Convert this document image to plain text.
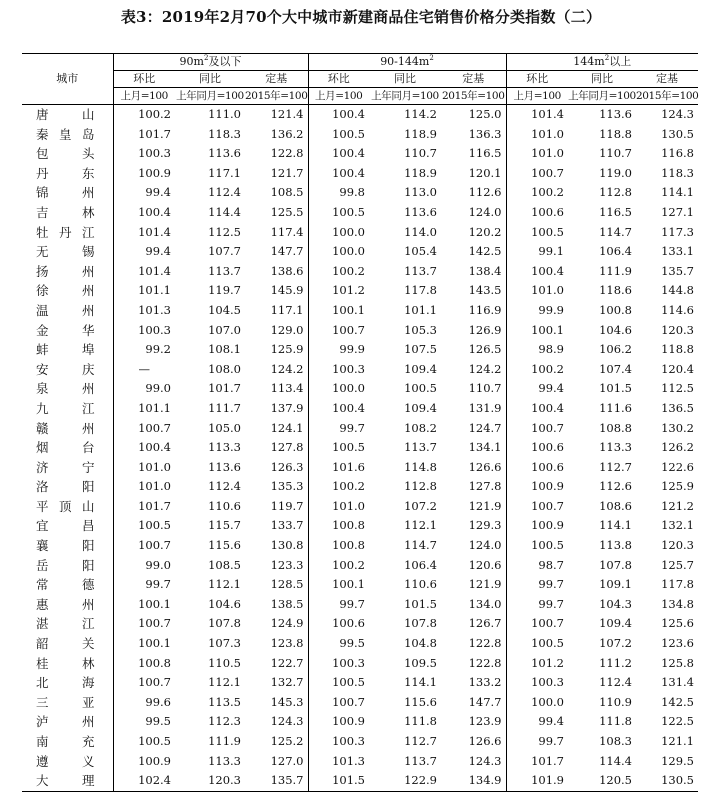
表3：2019年2月70个大中城市新建商品住宅销售价格分类指数（二）
城市	$90m^2$及以下			$90-144m^2$			$144m^2$以上		
	环比	同比	定基	环比	同比	定基	环比	同比	定基
	上月=100	上年同月=100	2015年=100	上月=100	上年同月=100	2015年=100	上月=100	上年同月=100	2015年=100
唐山	100.2	111.0	121.4	100.4	114.2	125.0	101.4	113.6	124.3
秦皇岛	101.7	118.3	136.2	100.5	118.9	136.3	101.0	118.8	130.5
包头	100.3	113.6	122.8	100.4	110.7	116.5	101.0	110.7	116.8
丹东	100.9	117.1	121.7	100.4	118.9	120.1	100.7	119.0	118.3
锦州	99.4	112.4	108.5	99.8	113.0	112.6	100.2	112.8	114.1
吉林	100.4	114.4	125.5	100.5	113.6	124.0	100.6	116.5	127.1
牡丹江	101.4	112.5	117.4	100.0	114.0	120.2	100.5	114.7	117.3
无锡	99.4	107.7	147.7	100.0	105.4	142.5	99.1	106.4	133.1
扬州	101.4	113.7	138.6	100.2	113.7	138.4	100.4	111.9	135.7
徐州	101.1	119.7	145.9	101.2	117.8	143.5	101.0	118.6	144.8
温州	101.3	104.5	117.1	100.1	101.1	116.9	99.9	100.8	114.6
金华	100.3	107.0	129.0	100.7	105.3	126.9	100.1	104.6	120.3
蚌埠	99.2	108.1	125.9	99.9	107.5	126.5	98.9	106.2	118.8
安庆	—	108.0	124.2	100.3	109.4	124.2	100.2	107.4	120.4
泉州	99.0	101.7	113.4	100.0	100.5	110.7	99.4	101.5	112.5
九江	101.1	111.7	137.9	100.4	109.4	131.9	100.4	111.6	136.5
赣州	100.7	105.0	124.1	99.7	108.2	124.7	100.7	108.8	130.2
烟台	100.4	113.3	127.8	100.5	113.7	134.1	100.6	113.3	126.2
济宁	101.0	113.6	126.3	101.6	114.8	126.6	100.6	112.7	122.6
洛阳	101.0	112.4	135.3	100.2	112.8	127.8	100.9	112.6	125.9
平顶山	101.7	110.6	119.7	101.0	107.2	121.9	100.7	108.6	121.2
宜昌	100.5	115.7	133.7	100.8	112.1	129.3	100.9	114.1	132.1
襄阳	100.7	115.6	130.8	100.8	114.7	124.0	100.5	113.8	120.3
岳阳	99.0	108.5	123.3	100.2	106.4	120.6	98.7	107.8	125.7
常德	99.7	112.1	128.5	100.1	110.6	121.9	99.7	109.1	117.8
惠州	100.1	104.6	138.5	99.7	101.5	134.0	99.7	104.3	134.8
湛江	100.7	107.8	124.9	100.6	107.8	126.7	100.7	109.4	125.6
韶关	100.1	107.3	123.8	99.5	104.8	122.8	100.5	107.2	123.6
桂林	100.8	110.5	122.7	100.3	109.5	122.8	101.2	111.2	125.8
北海	100.7	112.1	132.7	100.5	114.1	133.2	100.3	112.4	131.4
三亚	99.6	113.5	145.3	100.7	115.6	147.7	100.0	110.9	142.5
泸州	99.5	112.3	124.3	100.9	111.8	123.9	99.4	111.8	122.5
南充	100.5	111.9	125.2	100.3	112.7	126.6	99.7	108.3	121.1
遵义	100.9	113.3	127.0	101.3	113.7	124.3	101.7	114.4	129.5
大理	102.4	120.3	135.7	101.5	122.9	134.9	101.9	120.5	130.5
